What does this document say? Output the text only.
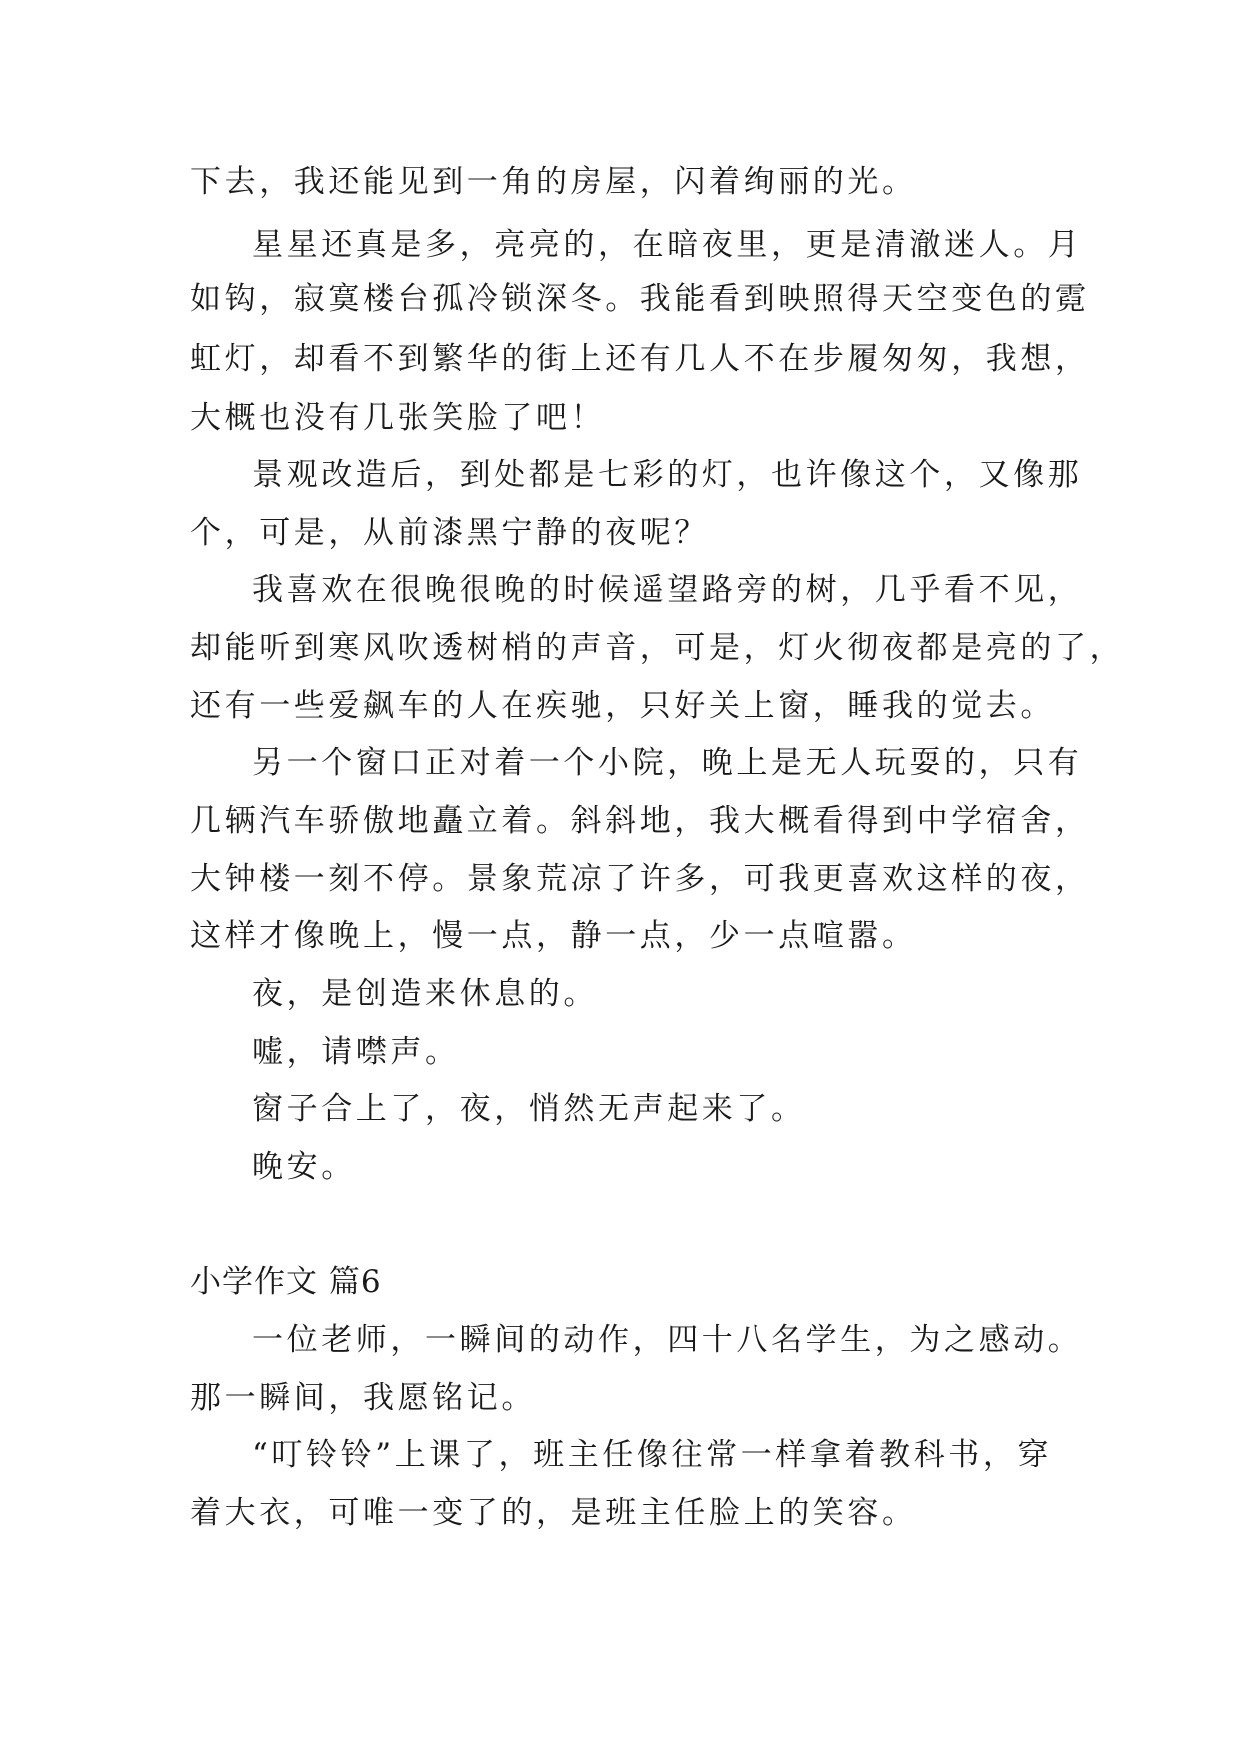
下去，我还能见到一角的房屋，闪着绚丽的光。
星星还真是多，亮亮的，在暗夜里，更是清澈迷人。月
如钩，寂寞楼台孤冷锁深冬。我能看到映照得天空变色的霓
虹灯，却看不到繁华的街上还有几人不在步履匆匆，我想，
大概也没有几张笑脸了吧！
景观改造后，到处都是七彩的灯，也许像这个，又像那
个，可是，从前漆黑宁静的夜呢？
我喜欢在很晚很晚的时候遥望路旁的树，几乎看不见，
却能听到寒风吹透树梢的声音，可是，灯火彻夜都是亮的了，
还有一些爱飙车的人在疾驰，只好关上窗，睡我的觉去。
另一个窗口正对着一个小院，晚上是无人玩耍的，只有
几辆汽车骄傲地矗立着。斜斜地，我大概看得到中学宿舍，
大钟楼一刻不停。景象荒凉了许多，可我更喜欢这样的夜，
这样才像晚上，慢一点，静一点，少一点喧嚣。
夜，是创造来休息的。
嘘，请噤声。
窗子合上了，夜，悄然无声起来了。
晚安。
小学作文 篇6
一位老师，一瞬间的动作，四十八名学生，为之感动。
那一瞬间，我愿铭记。
“叮铃铃”上课了，班主任像往常一样拿着教科书，穿
着大衣，可唯一变了的，是班主任脸上的笑容。
